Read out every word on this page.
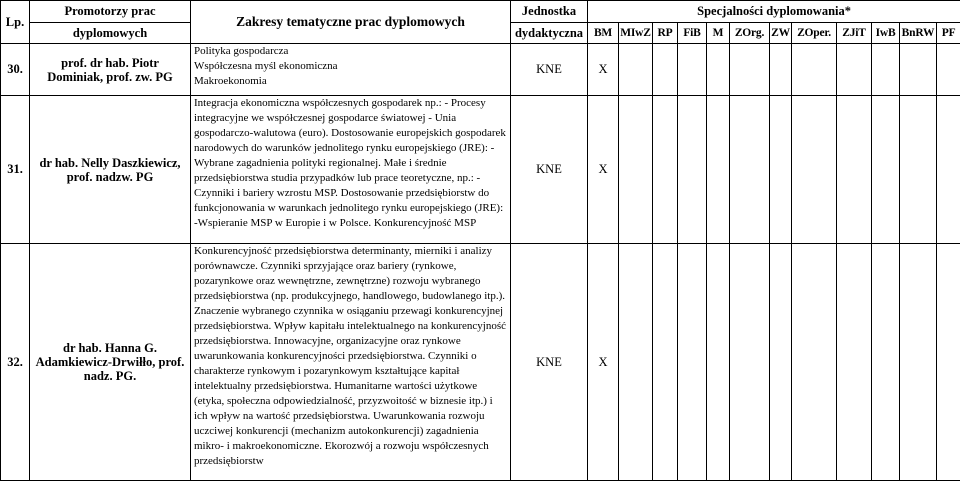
Lp.	Promotorzy prac	Zakresy tematyczne prac dyplomowych	Jednostka	Specjalności dyplomowania*											
	dyplomowych		dydaktyczna	BM	MIwZ	RP	FiB	M	ZOrg.	ZW	ZOper.	ZJiT	IwB	BnRW	PF
30.	prof. dr hab. Piotr Dominiak, prof. zw. PG	Polityka gospodarcza
Współczesna myśl ekonomiczna
Makroekonomia	KNE	X											
31.	dr hab. Nelly Daszkiewicz, prof. nadzw. PG	Integracja ekonomiczna współczesnych gospodarek np.: - Procesy integracyjne we współczesnej gospodarce światowej - Unia gospodarczo-walutowa (euro). Dostosowanie europejskich gospodarek narodowych do warunków jednolitego rynku europejskiego (JRE): - Wybrane zagadnienia polityki regionalnej. Małe i średnie przedsiębiorstwa studia przypadków lub prace teoretyczne, np.: - Czynniki i bariery wzrostu MSP. Dostosowanie przedsiębiorstw do funkcjonowania w warunkach jednolitego rynku europejskiego (JRE): -Wspieranie MSP w Europie i w Polsce. Konkurencyjność MSP	KNE	X											
32.	dr hab. Hanna G. Adamkiewicz-Drwiłło, prof. nadz. PG.	Konkurencyjność przedsiębiorstwa determinanty, mierniki i analizy porównawcze. Czynniki sprzyjające oraz bariery (rynkowe, pozarynkowe oraz wewnętrzne, zewnętrzne) rozwoju wybranego przedsiębiorstwa (np. produkcyjnego, handlowego, budowlanego itp.). Znaczenie wybranego czynnika w osiąganiu przewagi konkurencyjnej przedsiębiorstwa. Wpływ kapitału intelektualnego na konkurencyjność przedsiębiorstwa. Innowacyjne, organizacyjne oraz rynkowe uwarunkowania konkurencyjności przedsiębiorstwa. Czynniki o charakterze rynkowym i pozarynkowym kształtujące kapitał intelektualny przedsiębiorstwa. Humanitarne wartości użytkowe (etyka, społeczna odpowiedzialność, przyzwoitość w biznesie itp.) i ich wpływ na wartość przedsiębiorstwa. Uwarunkowania rozwoju uczciwej konkurencji (mechanizm autokonkurencji) zagadnienia mikro- i makroekonomiczne. Ekorozwój a rozwoju współczesnych przedsiębiorstw	KNE	X											
